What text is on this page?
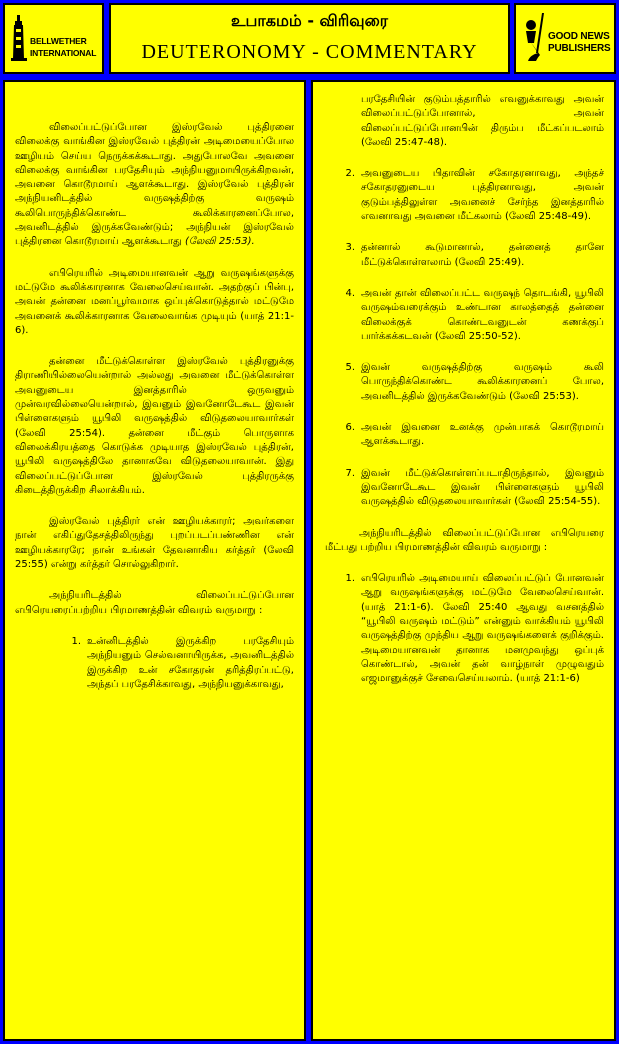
BELLWETHER
INTERNATIONAL
உபாகமம் - விரிவுரை
DEUTERONOMY - COMMENTARY
GOOD NEWS
PUBLISHERS

விலைப்பட்டுப்போன இஸ்ரவேல் புத்திரனை விலைக்கு வாங்கின இஸ்ரவேல் புத்திரன் அடிமையைப்போல ஊழியம் செய்ய நெருக்கக்கூடாது. அதுபோலவே அவனை விலைக்கு வாங்கின பரதேசியும் அந்நியனுமாயிருக்கிறவன், அவனை கொடூரமாய் ஆளக்கூடாது. இஸ்ரவேல் புத்திரன் அந்நியனிடத்தில் வருஷத்திற்கு வருஷம் கூலிபொருந்திக்கொண்ட கூலிக்காரனைப்போல, அவனிடத்தில் இருக்கவேண்டும்; அந்நியன் இஸ்ரவேல் புத்திரனை கொடூரமாய் ஆளக்கூடாது (லேவி 25:53).

எபிரெயரில் அடிமையானவன் ஆறு வருஷங்களுக்கு மட்டுமே கூலிக்காரனாக வேலைசெய்வான். அதற்குப் பின்பு, அவன் தன்னை மனப்பூர்வமாக ஒப்புக்கொடுத்தால் மட்டுமே அவனைக் கூலிக்காரனாக வேலைவாங்க முடியும் (யாத் 21:1-6).

தன்னை மீட்டுக்கொள்ள இஸ்ரவேல் புத்திரனுக்கு திராணியில்லையென்றால் அல்லது அவனை மீட்டுக்கொள்ள அவனுடைய இனத்தாரில் ஒருவனும் முன்வரவில்லையென்றால், இவனும் இவனோடேகூட இவன் பிள்ளைகளும் யூபிலி வருஷத்தில் விடுதலையாவார்கள் (லேவி 25:54). தன்னை மீட்கும் பொருளாக விலைக்கிரயத்தை கொடுக்க முடியாத இஸ்ரவேல் புத்திரன், யூபிலி வருஷத்திலே தானாகவே விடுதலையாவான். இது விலைப்பட்டுப்போன இஸ்ரவேல் புத்திரருக்கு கிடைத்திருக்கிற சிலாக்கியம்.

இஸ்ரவேல் புத்திரர் என் ஊழியக்காரர்; அவர்களை நான் எகிப்துதேசத்திலிருந்து புறப்படப்பண்ணின என் ஊழியக்காரரே; நான் உங்கள் தேவனாகிய கர்த்தர் (லேவி 25:55) என்று கர்த்தர் சொல்லுகிறார்.

அந்நியரிடத்தில் விலைப்பட்டுப்போன எபிரெயரைப்பற்றிய பிரமாணத்தின் விவரம் வருமாறு :

1. உன்னிடத்தில் இருக்கிற பரதேசியும் அந்நியனும் செல்வனாயிருக்க, அவனிடத்தில் இருக்கிற உன் சகோதரன் தரித்திரப்பட்டு, அந்தப் பரதேசிக்காவது, அந்நியனுக்காவது,
பரதேசியின் குடும்பத்தாரில் எவனுக்காவது அவன் விலைப்பட்டுப்போனால், அவன் விலைப்பட்டுப்போனபின் திரும்ப மீட்கப்படலாம் (லேவி 25:47-48).
2. அவனுடைய பிதாவின் சகோதரனாவது, அந்தச் சகோதரனுடைய புத்திரனாவது, அவன் குடும்பத்திலுள்ள அவனைச் சேர்ந்த இனத்தாரில் எவனாவது அவனை மீட்கலாம் (லேவி 25:48-49).
3. தன்னால் கூடுமானால், தன்னைத் தானே மீட்டுக்கொள்ளலாம் (லேவி 25:49).
4. அவன் தான் விலைப்பட்ட வருஷந் தொடங்கி, யூபிலி வருஷம்வரைக்கும் உண்டான காலத்தைத் தன்னை விலைக்குக் கொண்டவனுடன் கணக்குப் பார்க்கக்கடவன் (லேவி 25:50-52).
5. இவன் வருஷத்திற்கு வருஷம் கூலி பொருந்திக்கொண்ட கூலிக்காரனைப் போல, அவனிடத்தில் இருக்கவேண்டும் (லேவி 25:53).
6. அவன் இவனை உனக்கு முன்பாகக் கொடூரமாய் ஆளக்கூடாது.
7. இவன் மீட்டுக்கொள்ளப்படாதிருந்தால், இவனும் இவனோடேகூட இவன் பிள்ளைகளும் யூபிலி வருஷத்தில் விடுதலையாவார்கள் (லேவி 25:54-55).

அந்நியரிடத்தில் விலைப்பட்டுப்போன எபிரெயரை மீட்பது பற்றிய பிரமாணத்தின் விவரம் வருமாறு :

1. எபிரெயரில் அடிமையாய் விலைப்பட்டுப் போனவன் ஆறு வருஷங்களுக்கு மட்டுமே வேலைசெய்வான். (யாத் 21:1-6). லேவி 25:40 ஆவது வசனத்தில் “யூபிலி வருஷம் மட்டும்” என்னும் வாக்கியம் யூபிலி வருஷத்திற்கு முந்திய ஆறு வருஷங்களைக் குறிக்கும். அடிமையானவன் தானாக மனமுவந்து ஒப்புக் கொண்டால், அவன் தன் வாழ்நாள் முழுவதும் எஜமானுக்குச் சேவைசெய்யலாம். (யாத் 21:1-6)
